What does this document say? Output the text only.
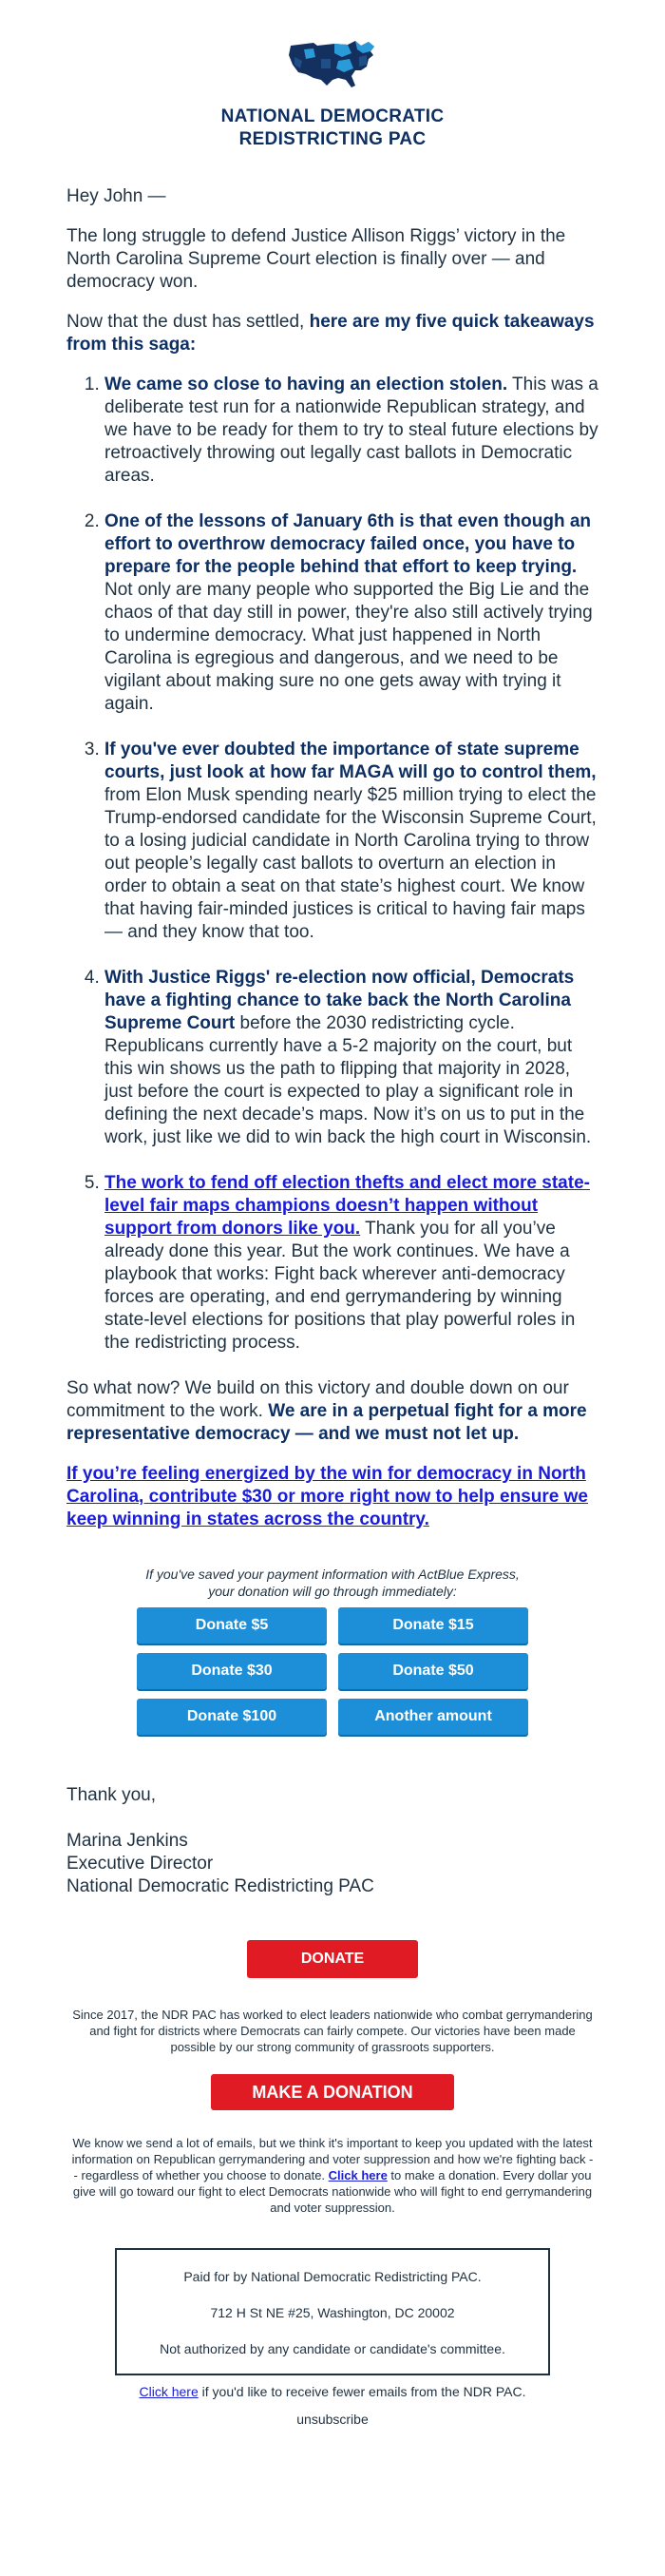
NATIONAL DEMOCRATIC
REDISTRICTING PAC

Hey John —

The long struggle to defend Justice Allison Riggs’ victory in the North Carolina Supreme Court election is finally over — and democracy won.

Now that the dust has settled, here are my five quick takeaways from this saga:

1. We came so close to having an election stolen. This was a deliberate test run for a nationwide Republican strategy, and we have to be ready for them to try to steal future elections by retroactively throwing out legally cast ballots in Democratic areas.
2. One of the lessons of January 6th is that even though an effort to overthrow democracy failed once, you have to prepare for the people behind that effort to keep trying. Not only are many people who supported the Big Lie and the chaos of that day still in power, they're also still actively trying to undermine democracy. What just happened in North Carolina is egregious and dangerous, and we need to be vigilant about making sure no one gets away with trying it again.
3. If you've ever doubted the importance of state supreme courts, just look at how far MAGA will go to control them, from Elon Musk spending nearly $25 million trying to elect the Trump-endorsed candidate for the Wisconsin Supreme Court, to a losing judicial candidate in North Carolina trying to throw out people’s legally cast ballots to overturn an election in order to obtain a seat on that state’s highest court. We know that having fair-minded justices is critical to having fair maps — and they know that too.
4. With Justice Riggs' re-election now official, Democrats have a fighting chance to take back the North Carolina Supreme Court before the 2030 redistricting cycle. Republicans currently have a 5-2 majority on the court, but this win shows us the path to flipping that majority in 2028, just before the court is expected to play a significant role in defining the next decade’s maps. Now it’s on us to put in the work, just like we did to win back the high court in Wisconsin.
5. The work to fend off election thefts and elect more state-level fair maps champions doesn’t happen without support from donors like you. Thank you for all you’ve already done this year. But the work continues. We have a playbook that works: Fight back wherever anti-democracy forces are operating, and end gerrymandering by winning state-level elections for positions that play powerful roles in the redistricting process.

So what now? We build on this victory and double down on our commitment to the work. We are in a perpetual fight for a more representative democracy — and we must not let up.

If you’re feeling energized by the win for democracy in North Carolina, contribute $30 or more right now to help ensure we keep winning in states across the country.

If you've saved your payment information with ActBlue Express, your donation will go through immediately:

Donate $5	Donate $15
Donate $30	Donate $50
Donate $100	Another amount

Thank you,

Marina Jenkins

Executive Director

National Democratic Redistricting PAC

DONATE

Since 2017, the NDR PAC has worked to elect leaders nationwide who combat gerrymandering and fight for districts where Democrats can fairly compete. Our victories have been made possible by our strong community of grassroots supporters.

MAKE A DONATION

We know we send a lot of emails, but we think it's important to keep you updated with the latest information on Republican gerrymandering and voter suppression and how we're fighting back -- regardless of whether you choose to donate. Click here to make a donation. Every dollar you give will go toward our fight to elect Democrats nationwide who will fight to end gerrymandering and voter suppression.

Paid for by National Democratic Redistricting PAC.

712 H St NE #25, Washington, DC 20002

Not authorized by any candidate or candidate's committee.

Click here if you'd like to receive fewer emails from the NDR PAC.

unsubscribe
